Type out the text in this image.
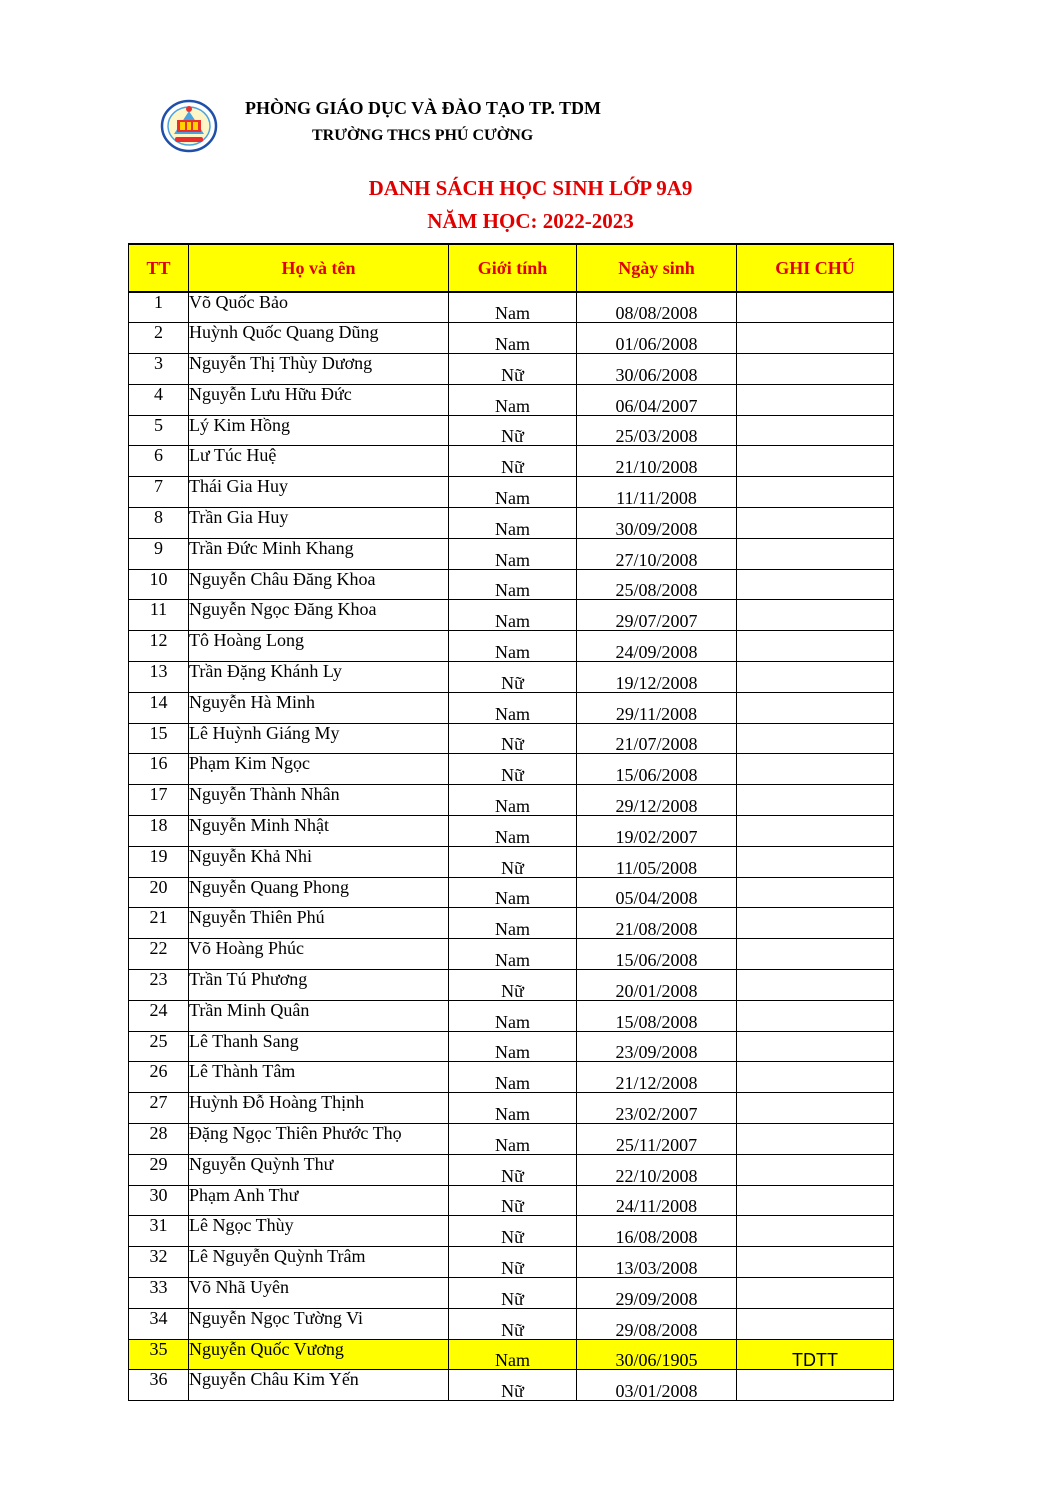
PHÒNG GIÁO DỤC VÀ ĐÀO TẠO TP. TDM
TRƯỜNG THCS PHÚ CƯỜNG
DANH SÁCH HỌC SINH LỚP 9A9
NĂM HỌC: 2022-2023
TT	Họ và tên	Giới tính	Ngày sinh	GHI CHÚ
1	Võ Quốc Bảo	Nam	08/08/2008	
2	Huỳnh Quốc Quang Dũng	Nam	01/06/2008	
3	Nguyễn Thị Thùy Dương	Nữ	30/06/2008	
4	Nguyễn Lưu Hữu Đức	Nam	06/04/2007	
5	Lý Kim Hồng	Nữ	25/03/2008	
6	Lư Túc Huệ	Nữ	21/10/2008	
7	Thái Gia Huy	Nam	11/11/2008	
8	Trần Gia Huy	Nam	30/09/2008	
9	Trần Đức Minh Khang	Nam	27/10/2008	
10	Nguyễn Châu Đăng Khoa	Nam	25/08/2008	
11	Nguyễn Ngọc Đăng Khoa	Nam	29/07/2007	
12	Tô Hoàng Long	Nam	24/09/2008	
13	Trần Đặng Khánh Ly	Nữ	19/12/2008	
14	Nguyễn Hà Minh	Nam	29/11/2008	
15	Lê Huỳnh Giáng My	Nữ	21/07/2008	
16	Phạm Kim Ngọc	Nữ	15/06/2008	
17	Nguyễn Thành Nhân	Nam	29/12/2008	
18	Nguyễn Minh Nhật	Nam	19/02/2007	
19	Nguyễn Khả Nhi	Nữ	11/05/2008	
20	Nguyễn Quang Phong	Nam	05/04/2008	
21	Nguyễn Thiên Phú	Nam	21/08/2008	
22	Võ Hoàng Phúc	Nam	15/06/2008	
23	Trần Tú Phương	Nữ	20/01/2008	
24	Trần Minh Quân	Nam	15/08/2008	
25	Lê Thanh Sang	Nam	23/09/2008	
26	Lê Thành Tâm	Nam	21/12/2008	
27	Huỳnh Đỗ Hoàng Thịnh	Nam	23/02/2007	
28	Đặng Ngọc Thiên Phước Thọ	Nam	25/11/2007	
29	Nguyễn Quỳnh Thư	Nữ	22/10/2008	
30	Phạm Anh Thư	Nữ	24/11/2008	
31	Lê Ngọc Thùy	Nữ	16/08/2008	
32	Lê Nguyễn Quỳnh Trâm	Nữ	13/03/2008	
33	Võ Nhã Uyên	Nữ	29/09/2008	
34	Nguyễn Ngọc Tường Vi	Nữ	29/08/2008	
35	Nguyễn Quốc Vương	Nam	30/06/1905	TDTT
36	Nguyễn Châu Kim Yến	Nữ	03/01/2008	
